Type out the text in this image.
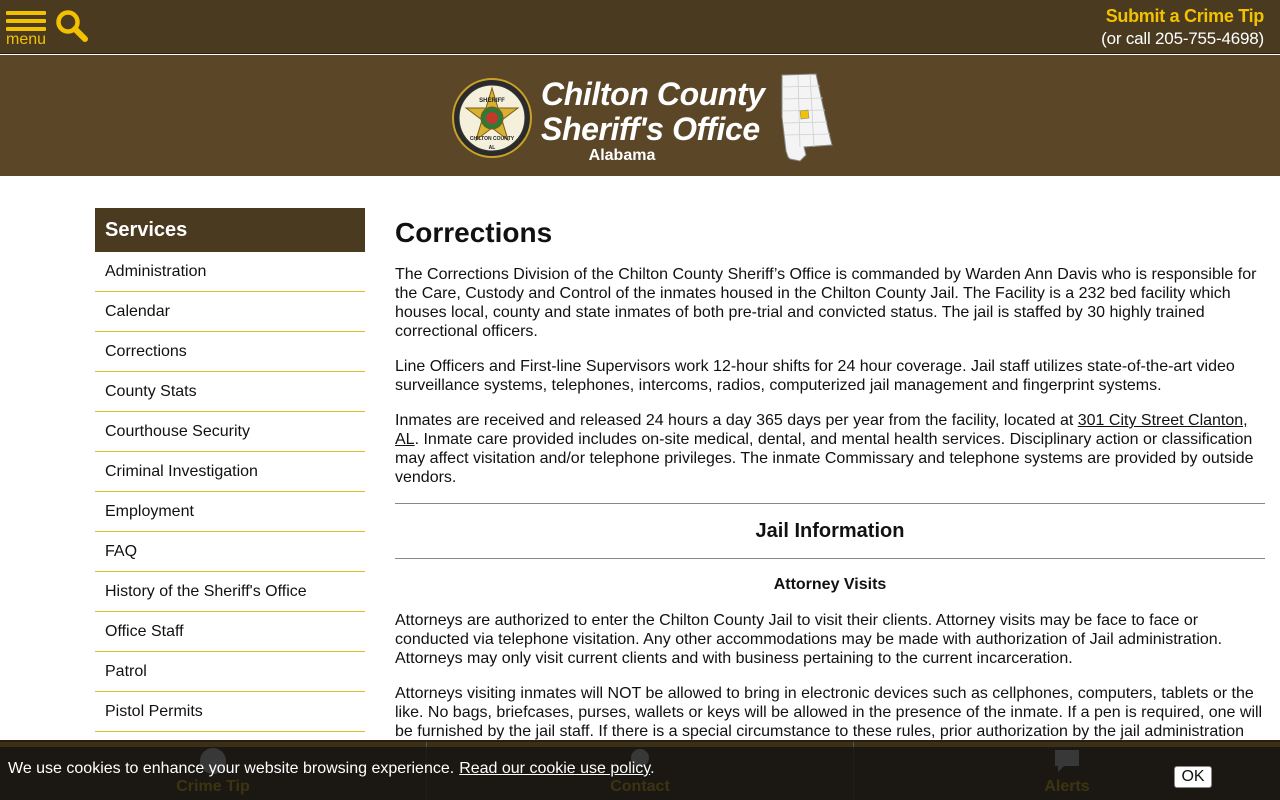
menu
Submit a Crime Tip
(or call 205-755-4698)
SHERIFF
CHILTON COUNTY
AL
Chilton County
Sheriff's Office
Alabama
Services
Administration
Calendar
Corrections
County Stats
Courthouse Security
Criminal Investigation
Employment
FAQ
History of the Sheriff's Office
Office Staff
Patrol
Pistol Permits
Corrections

The Corrections Division of the Chilton County Sheriff’s Office is commanded by Warden Ann Davis who is responsible for the Care, Custody and Control of the inmates housed in the Chilton County Jail. The Facility is a 232 bed facility which houses local, county and state inmates of both pre-trial and convicted status. The jail is staffed by 30 highly trained correctional officers.

Line Officers and First-line Supervisors work 12-hour shifts for 24 hour coverage. Jail staff utilizes state-of-the-art video surveillance systems, telephones, intercoms, radios, computerized jail management and fingerprint systems.

Inmates are received and released 24 hours a day 365 days per year from the facility, located at 301 City Street Clanton, AL. Inmate care provided includes on-site medical, dental, and mental health services. Disciplinary action or classification may affect visitation and/or telephone privileges. The inmate Commissary and telephone systems are provided by outside vendors.

Jail Information
Attorney Visits

Attorneys are authorized to enter the Chilton County Jail to visit their clients. Attorney visits may be face to face or conducted via telephone visitation. Any other accommodations may be made with authorization of Jail administration. Attorneys may only visit current clients and with business pertaining to the current incarceration.

Attorneys visiting inmates will NOT be allowed to bring in electronic devices such as cellphones, computers, tablets or the like. No bags, briefcases, purses, wallets or keys will be allowed in the presence of the inmate. If a pen is required, one will be furnished by the jail staff. If there is a special circumstance to these rules, prior authorization by the jail administration

We use cookies to enhance your website browsing experience. Read our cookie use policy.	OK
